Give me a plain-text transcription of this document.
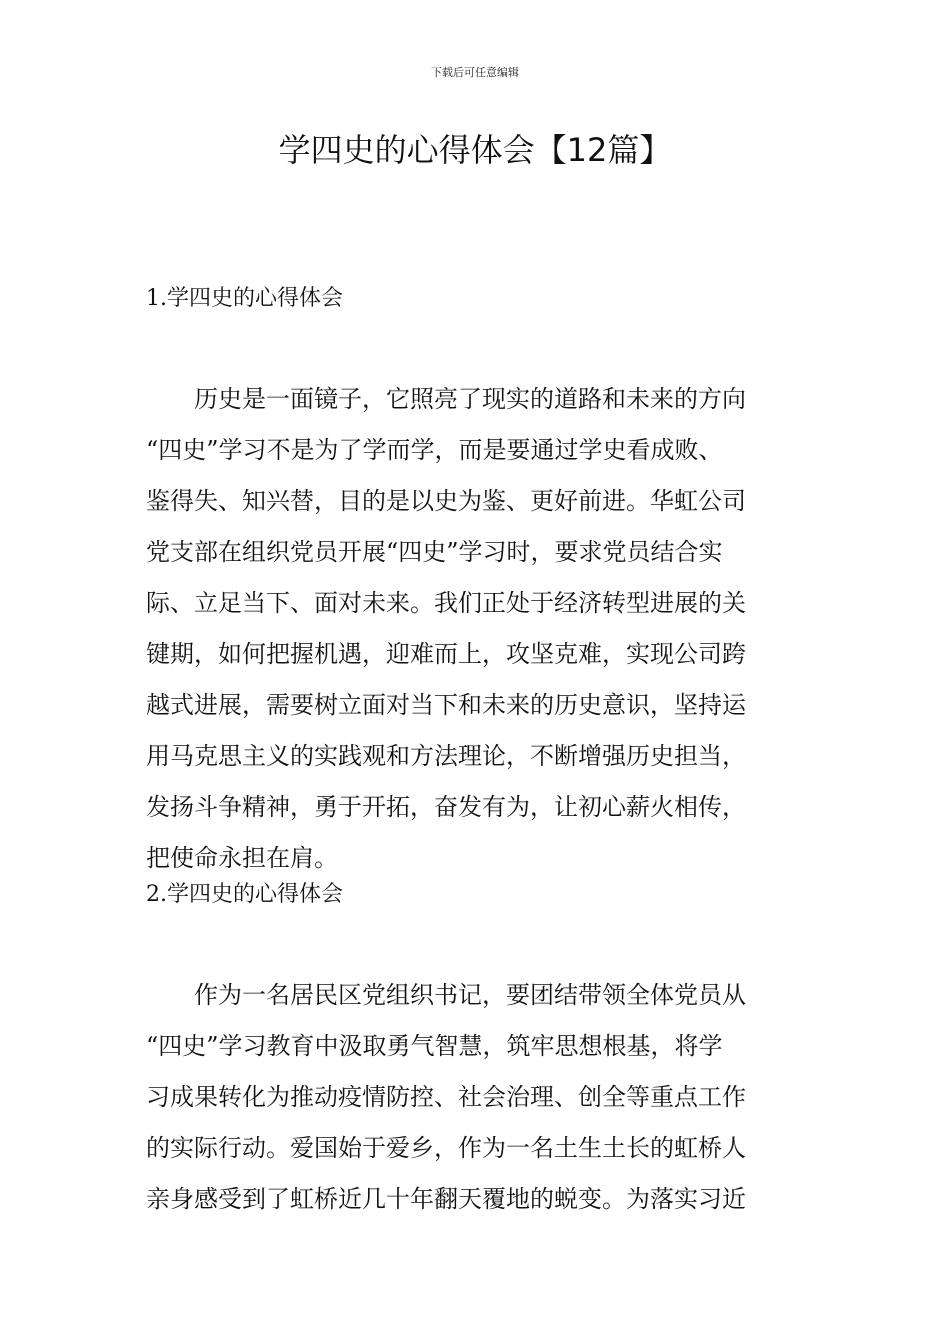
下载后可任意编辑
学四史的心得体会【12篇】
1.学四史的心得体会
历史是一面镜子，它照亮了现实的道路和未来的方向
“四史”学习不是为了学而学，而是要通过学史看成败、
鉴得失、知兴替，目的是以史为鉴、更好前进。华虹公司
党支部在组织党员开展“四史”学习时，要求党员结合实
际、立足当下、面对未来。我们正处于经济转型进展的关
键期，如何把握机遇，迎难而上，攻坚克难，实现公司跨
越式进展，需要树立面对当下和未来的历史意识，坚持运
用马克思主义的实践观和方法理论，不断增强历史担当，
发扬斗争精神，勇于开拓，奋发有为，让初心薪火相传，
把使命永担在肩。
2.学四史的心得体会
作为一名居民区党组织书记，要团结带领全体党员从
“四史”学习教育中汲取勇气智慧，筑牢思想根基，将学
习成果转化为推动疫情防控、社会治理、创全等重点工作
的实际行动。爱国始于爱乡，作为一名土生土长的虹桥人
亲身感受到了虹桥近几十年翻天覆地的蜕变。为落实习近
